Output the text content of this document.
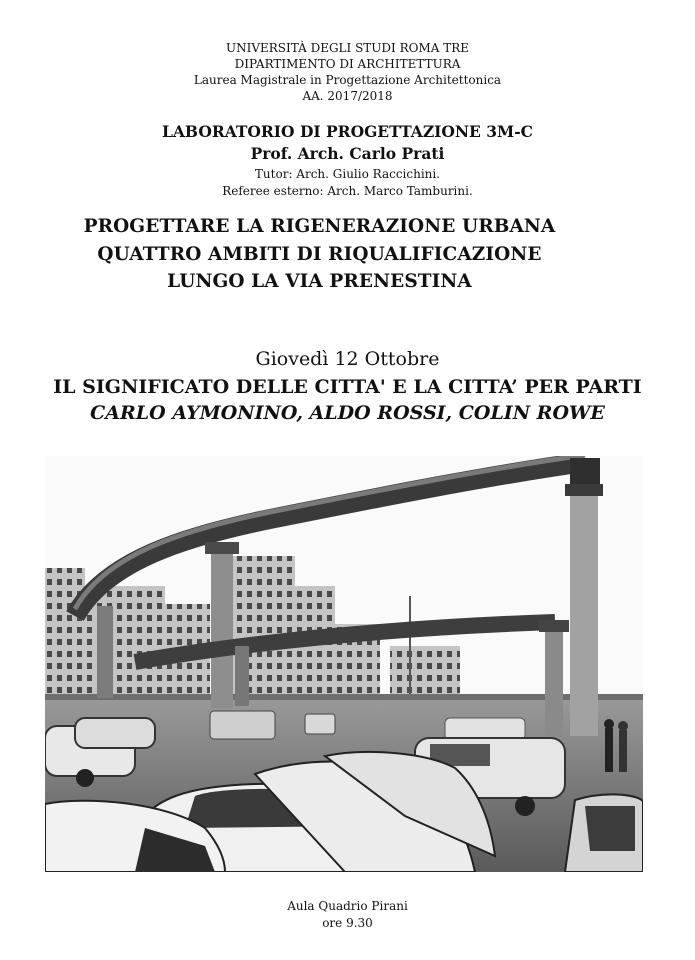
UNIVERSITÀ DEGLI STUDI ROMA TRE
DIPARTIMENTO DI ARCHITETTURA
Laurea Magistrale in Progettazione Architettonica
AA. 2017/2018
LABORATORIO DI PROGETTAZIONE 3M-C
Prof. Arch. Carlo Prati
Tutor: Arch. Giulio Raccichini.
Referee esterno: Arch. Marco Tamburini.
PROGETTARE LA RIGENERAZIONE URBANA
QUATTRO AMBITI DI RIQUALIFICAZIONE
LUNGO LA VIA PRENESTINA
Giovedì 12 Ottobre
IL SIGNIFICATO DELLE CITTA' E LA CITTA’ PER PARTI
CARLO AYMONINO, ALDO ROSSI, COLIN ROWE
Aula Quadrio Pirani
ore 9.30
